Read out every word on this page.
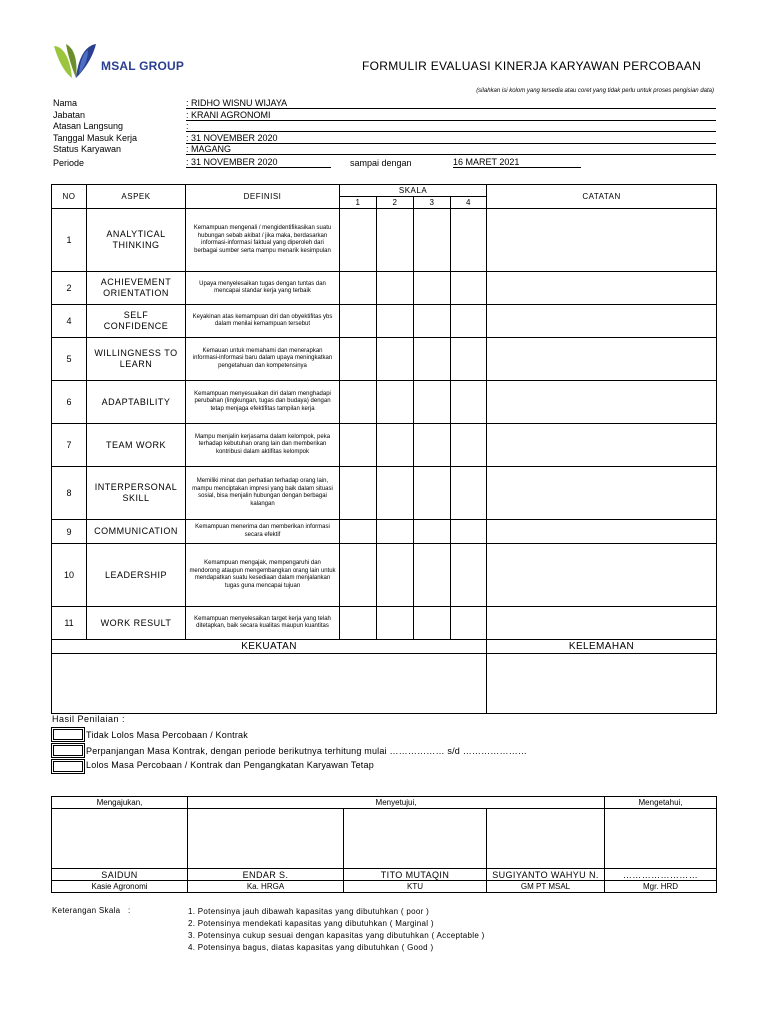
MSAL GROUP	FORMULIR EVALUASI KINERJA KARYAWAN PERCOBAAN
(silahkan isi kolom yang tersedia atau coret yang tidak perlu untuk proses pengisian data)
Nama	: RIDHO WISNU WIJAYA
Jabatan	: KRANI AGRONOMI
Atasan Langsung	:
Tanggal Masuk Kerja	: 31 NOVEMBER 2020
Status Karyawan	: MAGANG
Periode	: 31 NOVEMBER 2020	sampai dengan	16 MARET 2021
NO	ASPEK	DEFINISI	SKALA				CATATAN
			1	2	3	4	
1	ANALYTICAL THINKING	Kemampuan mengenali / mengidentifikasikan suatu hubungan sebab akibat / jika maka, berdasarkan informasi-informasi faktual yang diperoleh dari berbagai sumber serta mampu menarik kesimpulan					
2	ACHIEVEMENT ORIENTATION	Upaya menyelesaikan tugas dengan tuntas dan mencapai standar kerja yang terbaik					
4	SELF CONFIDENCE	Keyakinan atas kemampuan diri dan obyektifitas ybs dalam menilai kemampuan tersebut					
5	WILLINGNESS TO LEARN	Kemauan untuk memahami dan menerapkan informasi-informasi baru dalam upaya meningkatkan pengetahuan dan kompetensinya					
6	ADAPTABILITY	Kemampuan menyesuaikan diri dalam menghadapi perubahan (lingkungan, tugas dan budaya) dengan tetap menjaga efektifitas tampilan kerja					
7	TEAM WORK	Mampu menjalin kerjasama dalam kelompok, peka terhadap kebutuhan orang lain dan memberikan kontribusi dalam aktifitas kelompok					
8	INTERPERSONAL SKILL	Memiliki minat dan perhatian terhadap orang lain, mampu menciptakan impresi yang baik dalam situasi sosial, bisa menjalin hubungan dengan berbagai kalangan					
9	COMMUNICATION	Kemampuan menerima dan memberikan informasi secara efektif					
10	LEADERSHIP	Kemampuan mengajak, mempengaruhi dan mendorong ataupun mengembangkan orang lain untuk mendapatkan suatu kesediaan dalam menjalankan tugas guna mencapai tujuan					
11	WORK RESULT	Kemampuan menyelesaikan target kerja yang telah ditetapkan, baik secara kualitas maupun kuantitas					
KEKUATAN							KELEMAHAN

Hasil Penilaian :
Tidak Lolos Masa Percobaan / Kontrak
Perpanjangan Masa Kontrak, dengan periode berikutnya terhitung mulai ……………… s/d …………………
Lolos Masa Percobaan / Kontrak dan Pengangkatan Karyawan Tetap
Mengajukan,	Menyetujui,			Mengetahui,

SAIDUN	ENDAR S.	TITO MUTAQIN	SUGIYANTO WAHYU N.	……………………
Kasie Agronomi	Ka. HRGA	KTU	GM PT MSAL	Mgr. HRD
Keterangan Skala   :	1. Potensinya jauh dibawah kapasitas yang dibutuhkan ( poor )
2. Potensinya mendekati kapasitas yang dibutuhkan ( Marginal )
3. Potensinya cukup sesuai dengan kapasitas yang dibutuhkan ( Acceptable )
4. Potensinya bagus, diatas kapasitas yang dibutuhkan ( Good )
